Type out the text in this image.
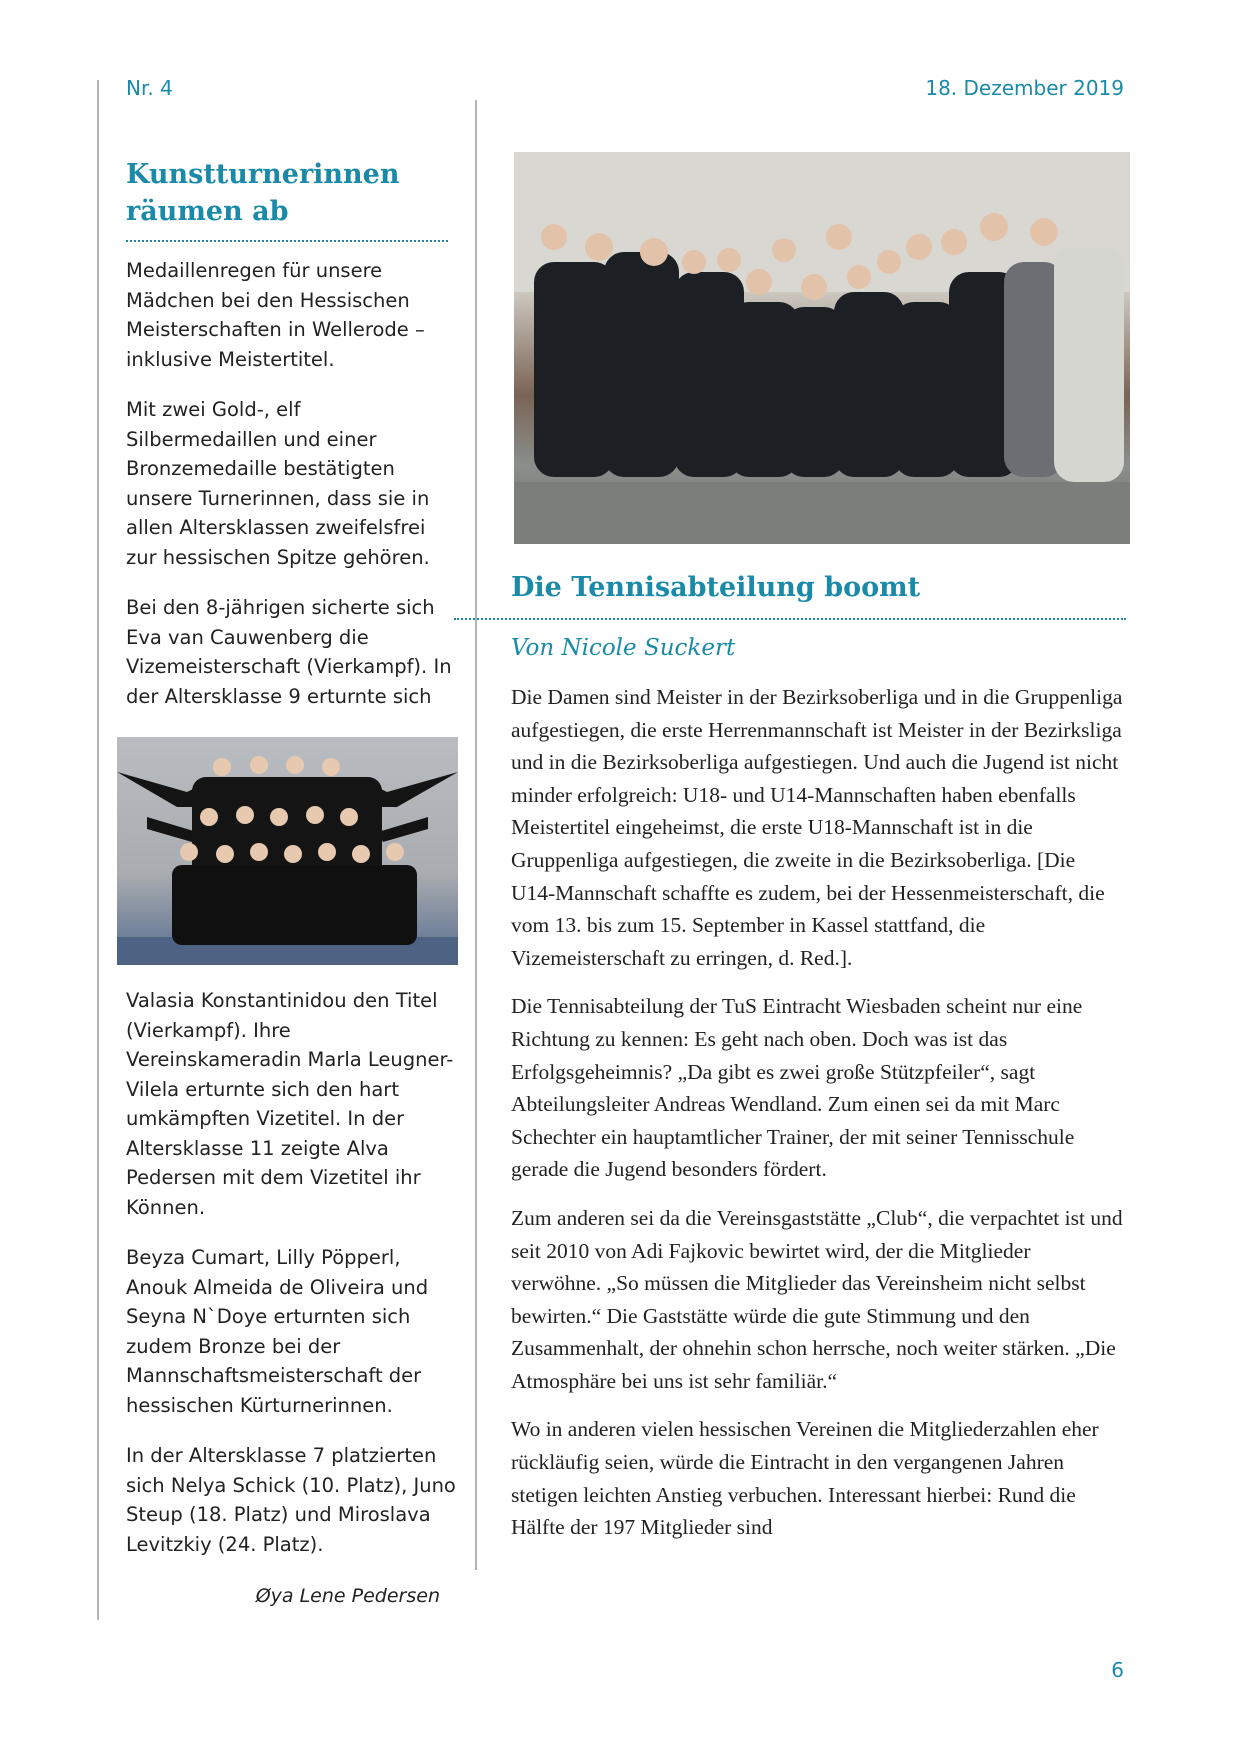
Nr. 4	18. Dezember 2019
Kunstturnerinnen räumen ab

Medaillenregen für unsere Mädchen bei den Hessischen Meisterschaften in Wellerode – inklusive Meistertitel.

Mit zwei Gold-, elf Silbermedaillen und einer Bronzemedaille bestätigten unsere Turnerinnen, dass sie in allen Altersklassen zweifelsfrei zur hessischen Spitze gehören.

Bei den 8-jährigen sicherte sich Eva van Cauwenberg die Vizemeisterschaft (Vierkampf). In der Altersklasse 9 erturnte sich

Valasia Konstantinidou den Titel (Vierkampf). Ihre Vereinskameradin Marla Leugner-Vilela erturnte sich den hart umkämpften Vizetitel. In der Altersklasse 11 zeigte Alva Pedersen mit dem Vizetitel ihr Können.

Beyza Cumart, Lilly Pöpperl, Anouk Almeida de Oliveira und Seyna N`Doye erturnten sich zudem Bronze bei der Mannschaftsmeisterschaft der hessischen Kürturnerinnen.

In der Altersklasse 7 platzierten sich Nelya Schick (10. Platz), Juno Steup (18. Platz) und Miroslava Levitzkiy (24. Platz).

Øya Lene Pedersen
Die Tennisabteilung boomt
Von Nicole Suckert

Die Damen sind Meister in der Bezirksoberliga und in die Gruppenliga aufgestiegen, die erste Herrenmannschaft ist Meister in der Bezirksliga und in die Bezirksoberliga aufgestiegen. Und auch die Jugend ist nicht minder erfolgreich: U18- und U14-Mannschaften haben ebenfalls Meistertitel eingeheimst, die erste U18-Mannschaft ist in die Gruppenliga aufgestiegen, die zweite in die Bezirksoberliga. [Die U14-Mannschaft schaffte es zudem, bei der Hessenmeisterschaft, die vom 13. bis zum 15. September in Kassel stattfand, die Vizemeisterschaft zu erringen, d. Red.].

Die Tennisabteilung der TuS Eintracht Wiesbaden scheint nur eine Richtung zu kennen: Es geht nach oben. Doch was ist das Erfolgsgeheimnis? „Da gibt es zwei große Stützpfeiler“, sagt Abteilungsleiter Andreas Wendland. Zum einen sei da mit Marc Schechter ein hauptamtlicher Trainer, der mit seiner Tennisschule gerade die Jugend besonders fördert.

Zum anderen sei da die Vereinsgaststätte „Club“, die verpachtet ist und seit 2010 von Adi Fajkovic bewirtet wird, der die Mitglieder verwöhne. „So müssen die Mitglieder das Vereinsheim nicht selbst bewirten.“ Die Gaststätte würde die gute Stimmung und den Zusammenhalt, der ohnehin schon herrsche, noch weiter stärken. „Die Atmosphäre bei uns ist sehr familiär.“

Wo in anderen vielen hessischen Vereinen die Mitgliederzahlen eher rückläufig seien, würde die Eintracht in den vergangenen Jahren stetigen leichten Anstieg verbuchen. Interessant hierbei: Rund die Hälfte der 197 Mitglieder sind

6
